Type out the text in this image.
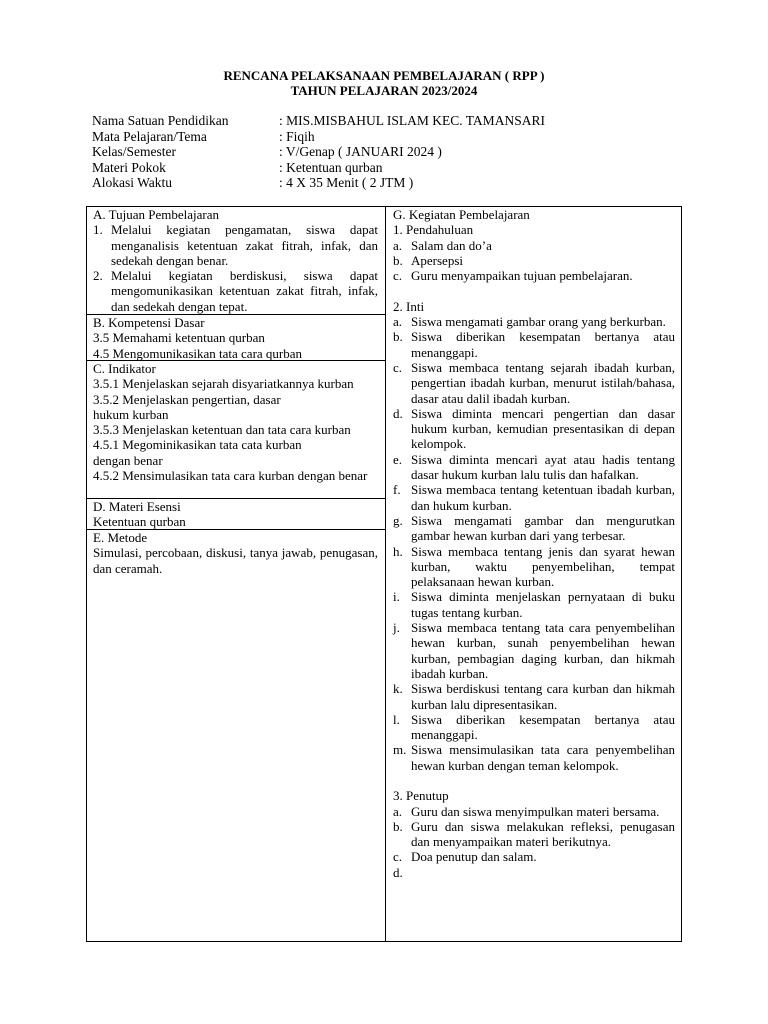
RENCANA PELAKSANAAN PEMBELAJARAN ( RPP )
TAHUN PELAJARAN 2023/2024
Nama Satuan Pendidikan	: MIS.MISBAHUL ISLAM KEC. TAMANSARI
Mata Pelajaran/Tema	: Fiqih
Kelas/Semester	: V/Genap ( JANUARI 2024 )
Materi Pokok	: Ketentuan qurban
Alokasi Waktu	: 4 X 35 Menit ( 2 JTM )

A. Tujuan Pembelajaran

1. Melalui kegiatan pengamatan, siswa dapat menganalisis ketentuan zakat fitrah, infak, dan sedekah dengan benar.
2. Melalui kegiatan berdiskusi, siswa dapat mengomunikasikan ketentuan zakat fitrah, infak, dan sedekah dengan tepat.

B. Kompetensi Dasar

3.5 Memahami ketentuan qurban

4.5 Mengomunikasikan tata cara qurban

C. Indikator

3.5.1 Menjelaskan sejarah disyariatkannya kurban

3.5.2 Menjelaskan pengertian, dasar

hukum kurban

3.5.3 Menjelaskan ketentuan dan tata cara kurban

4.5.1 Megominikasikan tata cata kurban

dengan benar

4.5.2 Mensimulasikan tata cara kurban dengan benar

D. Materi Esensi

Ketentuan qurban

E. Metode

Simulasi, percobaan, diskusi, tanya jawab, penugasan, dan ceramah.

G. Kegiatan Pembelajaran

1. Pendahuluan

a. Salam dan do’a
b. Apersepsi
c. Guru menyampaikan tujuan pembelajaran.

2. Inti

a. Siswa mengamati gambar orang yang berkurban.
b. Siswa diberikan kesempatan bertanya atau menanggapi.
c. Siswa membaca tentang sejarah ibadah kurban, pengertian ibadah kurban, menurut istilah/bahasa, dasar atau dalil ibadah kurban.
d. Siswa diminta mencari pengertian dan dasar hukum kurban, kemudian presentasikan di depan kelompok.
e. Siswa diminta mencari ayat atau hadis tentang dasar hukum kurban lalu tulis dan hafalkan.
f. Siswa membaca tentang ketentuan ibadah kurban, dan hukum kurban.
g. Siswa mengamati gambar dan mengurutkan gambar hewan kurban dari yang terbesar.
h. Siswa membaca tentang jenis dan syarat hewan kurban, waktu penyembelihan, tempat pelaksanaan hewan kurban.
i. Siswa diminta menjelaskan pernyataan di buku tugas tentang kurban.
j. Siswa membaca tentang tata cara penyembelihan hewan kurban, sunah penyembelihan hewan kurban, pembagian daging kurban, dan hikmah ibadah kurban.
k. Siswa berdiskusi tentang cara kurban dan hikmah kurban lalu dipresentasikan.
l. Siswa diberikan kesempatan bertanya atau menanggapi.
m. Siswa mensimulasikan tata cara penyembelihan hewan kurban dengan teman kelompok.

3. Penutup

a. Guru dan siswa menyimpulkan materi bersama.
b. Guru dan siswa melakukan refleksi, penugasan dan menyampaikan materi berikutnya.
c. Doa penutup dan salam.
d.
